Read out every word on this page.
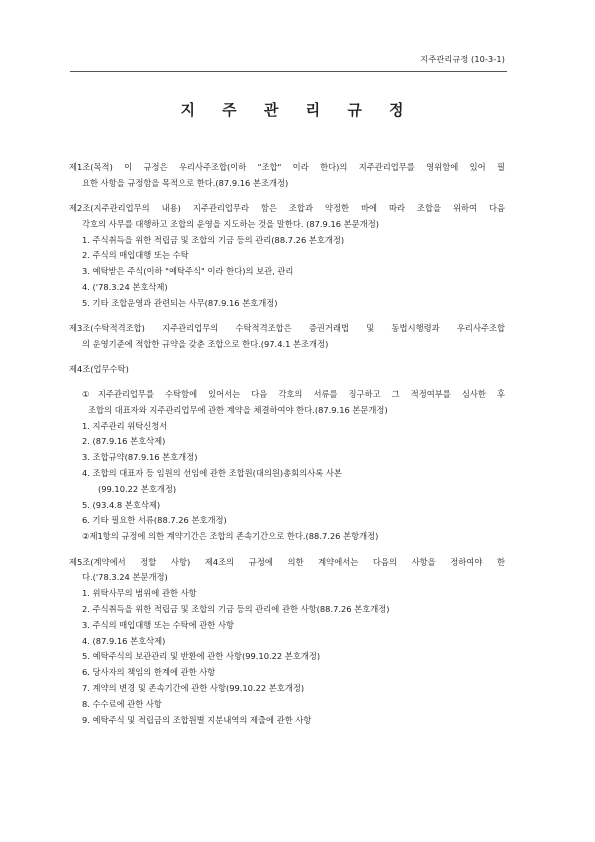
지주관리규정 (10-3-1)
지 주 관 리 규 정
제1조(목적) 이 규정은 우리사주조합(이하 "조합" 이라 한다)의 지주관리업무를 영위함에 있어 필
요한 사항을 규정함을 목적으로 한다.(87.9.16 본조개정)
제2조(지주관리업무의 내용) 지주관리업무라 함은 조합과 약정한 바에 따라 조합을 위하여 다음
각호의 사무를 대행하고 조합의 운영을 지도하는 것을 말한다. (87.9.16 본문개정)
1. 주식취득을 위한 적립금 및 조합의 기금 등의 관리(88.7.26 본호개정)
2. 주식의 매입대행 또는 수탁
3. 예탁받은 주식(이하 "예탁주식" 이라 한다)의 보관, 관리
4. ('78.3.24 본호삭제)
5. 기타 조합운영과 관련되는 사무(87.9.16 본호개정)
제3조(수탁적격조합) 지주관리업무의 수탁적격조합은 증권거래법 및 동법시행령과 우리사주조합
의 운영기준에 적합한 규약을 갖춘 조합으로 한다.(97.4.1 본조개정)
제4조(업무수탁)
①지주관리업무를 수탁함에 있어서는 다음 각호의 서류를 징구하고 그 적정여부를 심사한 후
조합의 대표자와 지주관리업무에 관한 계약을 체결하여야 한다.(87.9.16 본문개정)
1. 지주관리 위탁신청서
2. (87.9.16 본호삭제)
3. 조합규약(87.9.16 본호개정)
4. 조합의 대표자 등 임원의 선임에 관한 조합원(대의원)총회의사록 사본
(99.10.22 본호개정)
5. (93.4.8 본호삭제)
6. 기타 필요한 서류(88.7.26 본호개정)
②제1항의 규정에 의한 계약기간은 조합의 존속기간으로 한다.(88.7.26 본항개정)
제5조(계약에서 정할 사항) 제4조의 규정에 의한 계약에서는 다음의 사항을 정하여야 한
다.('78.3.24 본문개정)
1. 위탁사무의 범위에 관한 사항
2. 주식취득을 위한 적립금 및 조합의 기금 등의 관리에 관한 사항(88.7.26 본호개정)
3. 주식의 매입대행 또는 수탁에 관한 사항
4. (87.9.16 본호삭제)
5. 예탁주식의 보관관리 및 반환에 관한 사항(99.10.22 본호개정)
6. 당사자의 책임의 한계에 관한 사항
7. 계약의 변경 및 존속기간에 관한 사항(99.10.22 본호개정)
8. 수수료에 관한 사항
9. 예탁주식 및 적립금의 조합원별 지분내역의 제출에 관한 사항
